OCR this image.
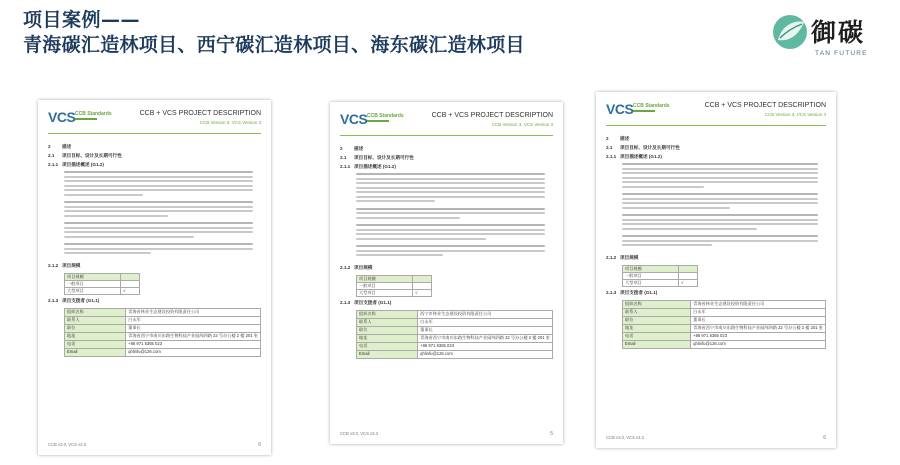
项目案例——
青海碳汇造林项目、西宁碳汇造林项目、海东碳汇造林项目	御碳
TAN FUTURE
VCS CCB Standards	CCB + VCS PROJECT DESCRIPTION
CCB Version 3, VCS Version 3
2 描述
2.1 项目目标、设计及长期可行性
2.1.1 项目描述概述 (G1.2)
2.1.2 项目规模
项目规模	
一般项目	
大型项目	√
2.1.3 项目支拨者 (G1.1)
组织名称	青海省林业生态建设投资有限责任公司
联系人	白永军
职位	董事长
地址	青海省西宁市南川东路生物科技产业园纬四路 22 号办公楼 2 楼 201 室
电话	+86 971 6365 023
Email	qhlinfu@126.com
CCB v3.0, VCS v3.3	6
VCS CCB Standards	CCB + VCS PROJECT DESCRIPTION
CCB Version 3, VCS Version 3
2 描述
2.1 项目目标、设计及长期可行性
2.1.1 项目描述概述 (G1.2)
2.1.2 项目规模
项目规模	
一般项目	
大型项目	√
2.1.3 项目支拨者 (G1.1)
组织名称	西宁市林业生态建设投资有限责任公司
联系人	白永军
职位	董事长
地址	青海省西宁市南川东路生物科技产业园纬四路 22 号办公楼 2 楼 201 室
电话	+86 971 6365 023
Email	qhlinfu@126.com
CCB v3.0, VCS v3.3	5
VCS CCB Standards	CCB + VCS PROJECT DESCRIPTION
CCB Version 3, VCS Version 3
2 描述
2.1 项目目标、设计及长期可行性
2.1.1 项目描述概述 (G1.2)
2.1.2 项目规模
项目规模	
一般项目	
大型项目	√
2.1.3 项目支拨者 (G1.1)
组织名称	青海省林业生态建设投资有限责任公司
联系人	白永军
职位	董事长
地址	青海省西宁市南川东路生物科技产业园纬四路 22 号办公楼 2 楼 201 室
电话	+86 971 6365 023
Email	qhlinfu@126.com
CCB v3.0, VCS v3.3	6
